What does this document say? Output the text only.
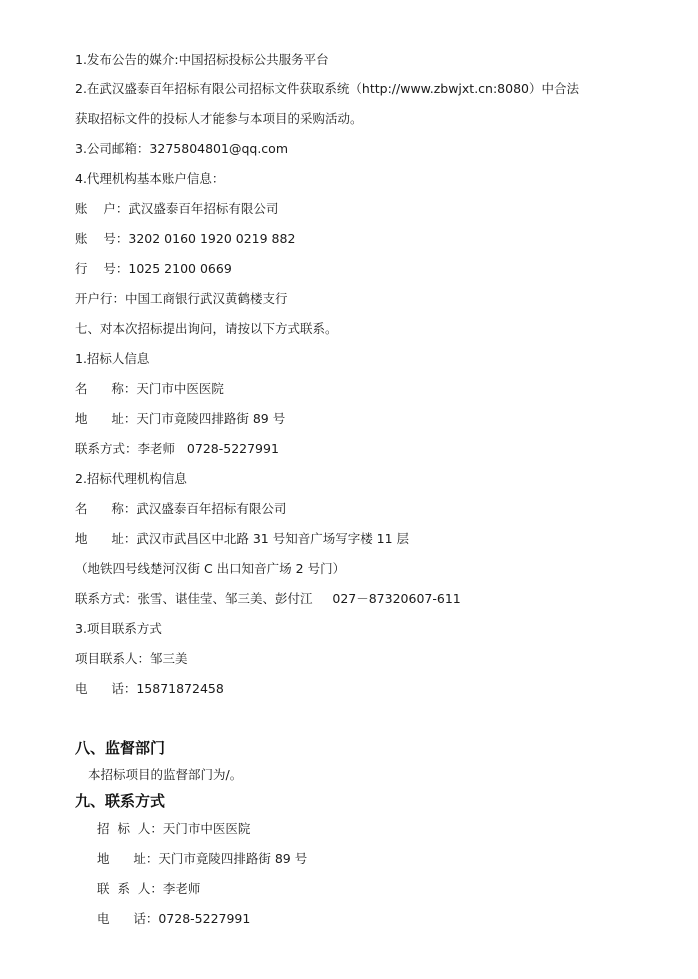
1.发布公告的媒介:中国招标投标公共服务平台
2.在武汉盛泰百年招标有限公司招标文件获取系统（http://www.zbwjxt.cn:8080）中合法
获取招标文件的投标人才能参与本项目的采购活动。
3.公司邮箱：3275804801@qq.com
4.代理机构基本账户信息：
账    户：武汉盛泰百年招标有限公司
账    号：3202 0160 1920 0219 882
行    号：1025 2100 0669
开户行：中国工商银行武汉黄鹤楼支行
七、对本次招标提出询问，请按以下方式联系。
1.招标人信息
名      称：天门市中医医院
地      址：天门市竟陵四排路街 89 号
联系方式：李老师   0728-5227991
2.招标代理机构信息
名      称：武汉盛泰百年招标有限公司
地      址：武汉市武昌区中北路 31 号知音广场写字楼 11 层
（地铁四号线楚河汉街 C 出口知音广场 2 号门）
联系方式：张雪、谌佳莹、邹三美、彭付江     027－87320607-611
3.项目联系方式
项目联系人：邹三美
电      话：15871872458
八、监督部门
本招标项目的监督部门为/。
九、联系方式
招  标  人：天门市中医医院
地      址：天门市竟陵四排路街 89 号
联  系  人：李老师
电      话：0728-5227991
